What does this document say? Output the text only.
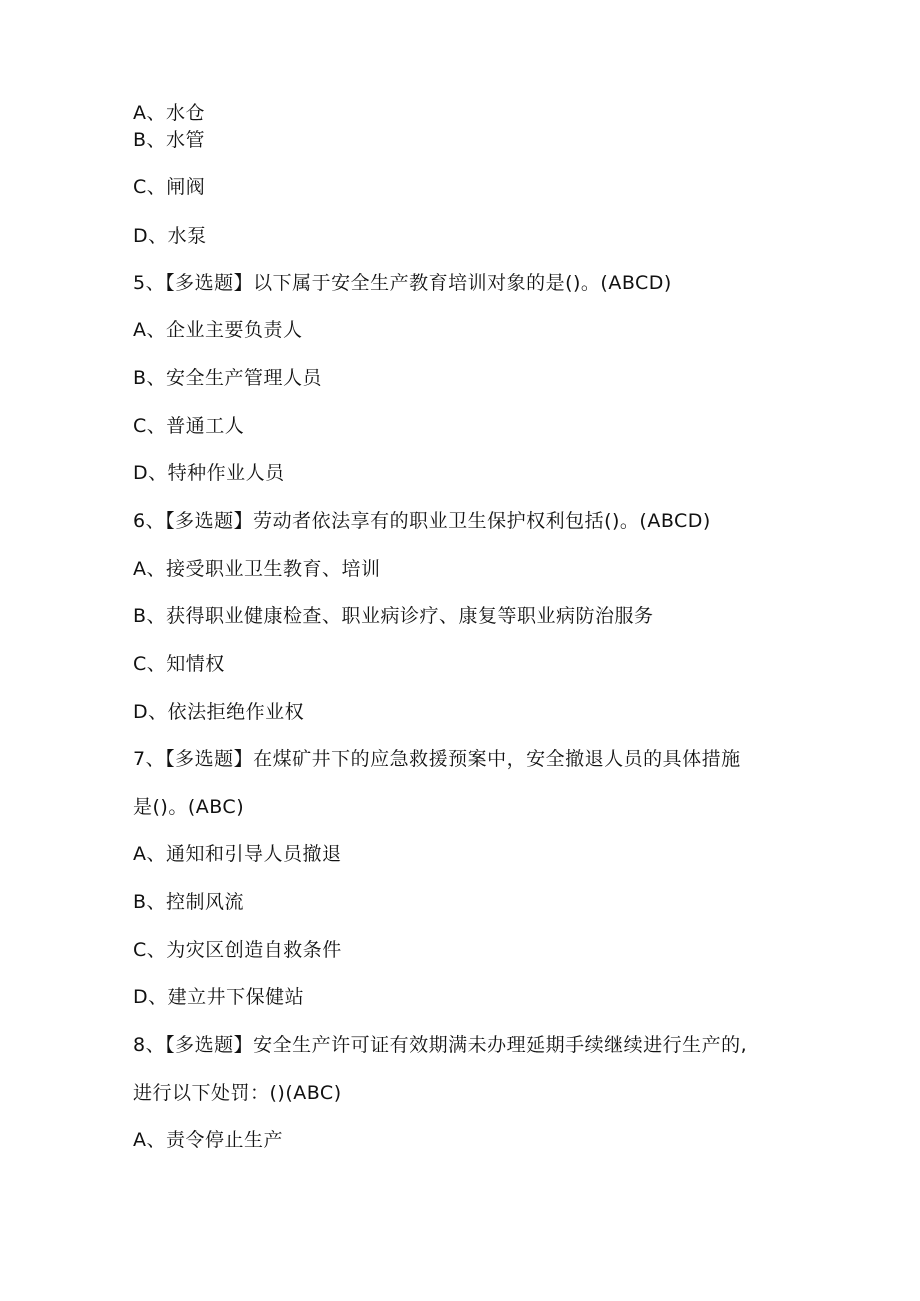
A、水仓
B、水管
C、闸阀
D、水泵
5、【多选题】以下属于安全生产教育培训对象的是()。(ABCD)
A、企业主要负责人
B、安全生产管理人员
C、普通工人
D、特种作业人员
6、【多选题】劳动者依法享有的职业卫生保护权利包括()。(ABCD)
A、接受职业卫生教育、培训
B、获得职业健康检查、职业病诊疗、康复等职业病防治服务
C、知情权
D、依法拒绝作业权
7、【多选题】在煤矿井下的应急救援预案中，安全撤退人员的具体措施
是()。(ABC)
A、通知和引导人员撤退
B、控制风流
C、为灾区创造自救条件
D、建立井下保健站
8、【多选题】安全生产许可证有效期满未办理延期手续继续进行生产的,
进行以下处罚：()(ABC)
A、责令停止生产
